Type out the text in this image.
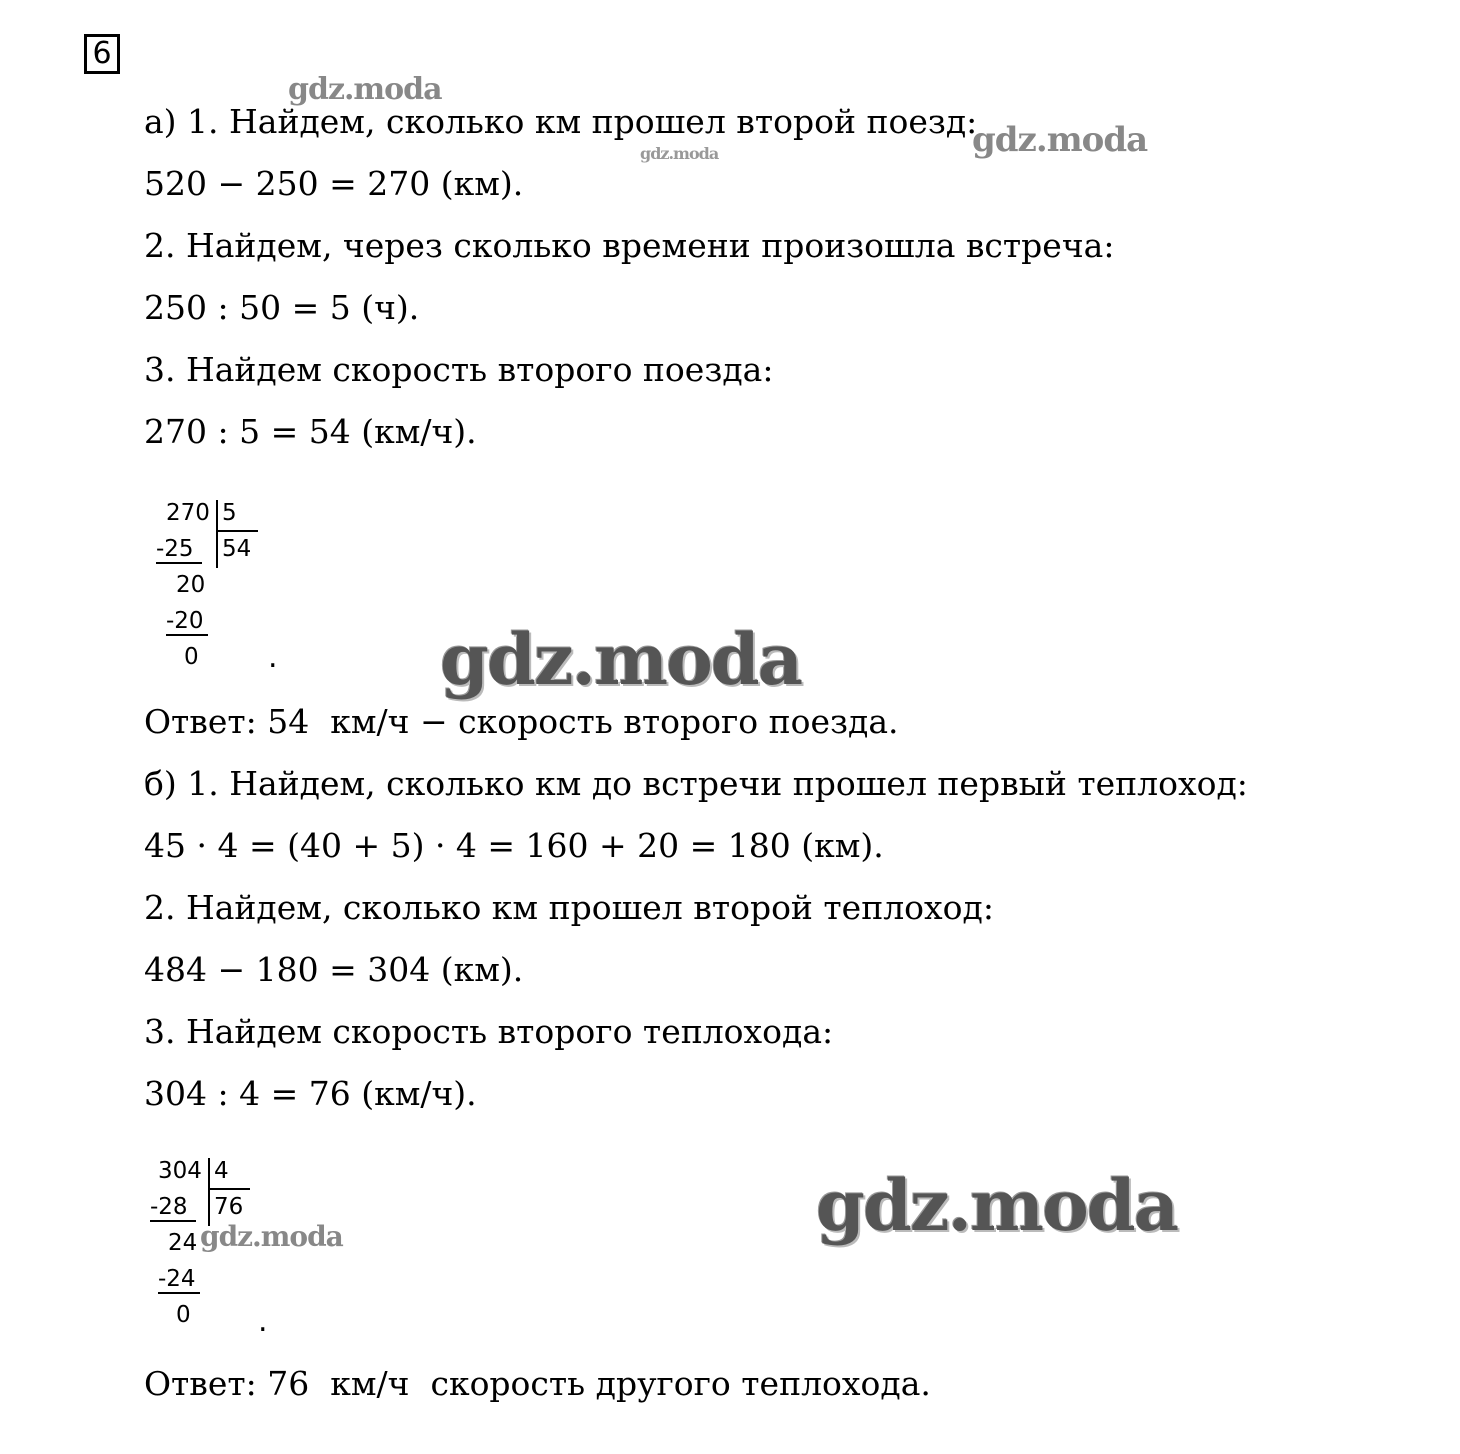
6
а) 1. Найдем, сколько км прошел второй поезд:
520 − 250 = 270 (км).
2. Найдем, через сколько времени произошла встреча:
250 : 50 = 5 (ч).
3. Найдем скорость второго поезда:
270 : 5 = 54 (км/ч).
270 5
-25 54
20
-20
0 .
Ответ: 54  км/ч − скорость второго поезда.
б) 1. Найдем, сколько км до встречи прошел первый теплоход:
45 · 4 = (40 + 5) · 4 = 160 + 20 = 180 (км).
2. Найдем, сколько км прошел второй теплоход:
484 − 180 = 304 (км).
3. Найдем скорость второго теплохода:
304 : 4 = 76 (км/ч).
304 4
-28 76
24
-24
0 .
Ответ: 76  км/ч  скорость другого теплохода.
gdz.moda
gdz.moda
gdz.moda
gdz.moda
gdz.moda
gdz.moda
